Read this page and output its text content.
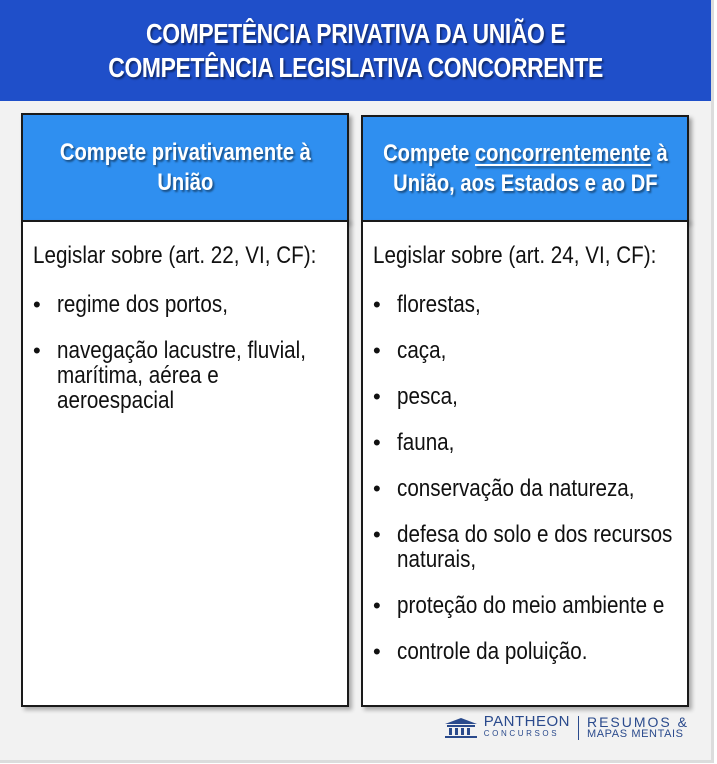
COMPETÊNCIA PRIVATIVA DA UNIÃO E
COMPETÊNCIA LEGISLATIVA CONCORRENTE
Compete privativamente à
União
Legislar sobre (art. 22, VI, CF):
• regime dos portos,
• navegação lacustre, fluvial, marítima, aérea e aeroespacial
Compete concorrentemente à
União, aos Estados e ao DF
Legislar sobre (art. 24, VI, CF):
• florestas,
• caça,
• pesca,
• fauna,
• conservação da natureza,
• defesa do solo e dos recursos naturais,
• proteção do meio ambiente e
• controle da poluição.
PANTHEON
CONCURSOS
RESUMOS &
MAPAS MENTAIS
